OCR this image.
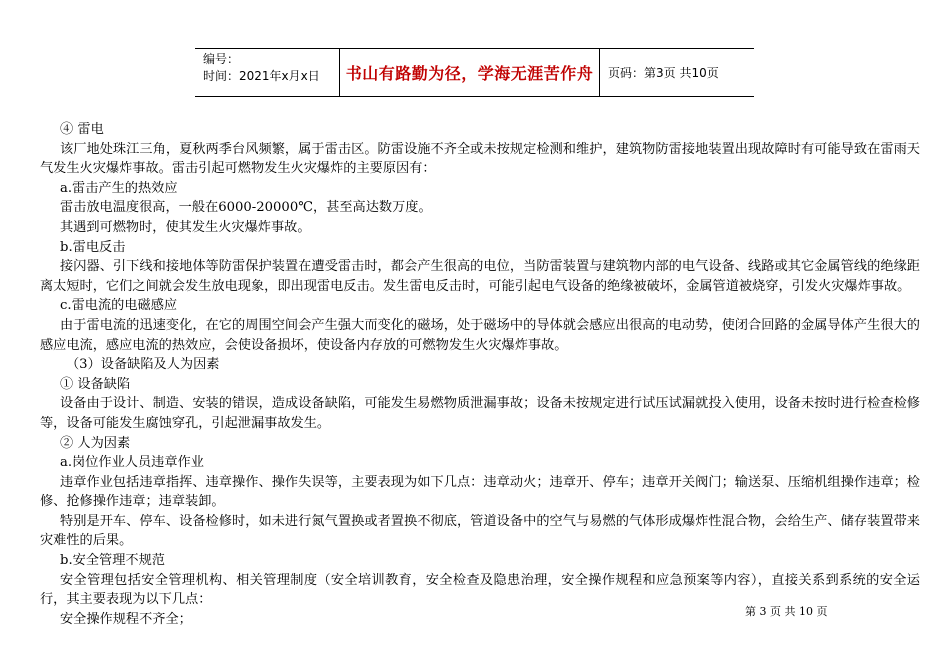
编号：
时间：2021年x月x日	书山有路勤为径，学海无涯苦作舟	页码：第3页 共10页

④ 雷电

该厂地处珠江三角，夏秋两季台风频繁，属于雷击区。防雷设施不齐全或未按规定检测和维护，建筑物防雷接地装置出现故障时有可能导致在雷雨天气发生火灾爆炸事故。雷击引起可燃物发生火灾爆炸的主要原因有：

a.雷击产生的热效应

雷击放电温度很高，一般在6000-20000℃，甚至高达数万度。

其遇到可燃物时，使其发生火灾爆炸事故。

b.雷电反击

接闪器、引下线和接地体等防雷保护装置在遭受雷击时，都会产生很高的电位，当防雷装置与建筑物内部的电气设备、线路或其它金属管线的绝缘距离太短时，它们之间就会发生放电现象，即出现雷电反击。发生雷电反击时，可能引起电气设备的绝缘被破坏，金属管道被烧穿，引发火灾爆炸事故。

c.雷电流的电磁感应

由于雷电流的迅速变化，在它的周围空间会产生强大而变化的磁场，处于磁场中的导体就会感应出很高的电动势，使闭合回路的金属导体产生很大的感应电流，感应电流的热效应，会使设备损坏，使设备内存放的可燃物发生火灾爆炸事故。

（3）设备缺陷及人为因素

① 设备缺陷

设备由于设计、制造、安装的错误，造成设备缺陷，可能发生易燃物质泄漏事故；设备未按规定进行试压试漏就投入使用，设备未按时进行检查检修等，设备可能发生腐蚀穿孔，引起泄漏事故发生。

② 人为因素

a.岗位作业人员违章作业

违章作业包括违章指挥、违章操作、操作失误等，主要表现为如下几点：违章动火；违章开、停车；违章开关阀门；输送泵、压缩机组操作违章；检修、抢修操作违章；违章装卸。

特别是开车、停车、设备检修时，如未进行氮气置换或者置换不彻底，管道设备中的空气与易燃的气体形成爆炸性混合物，会给生产、储存装置带来灾难性的后果。

b.安全管理不规范

安全管理包括安全管理机构、相关管理制度（安全培训教育，安全检查及隐患治理，安全操作规程和应急预案等内容），直接关系到系统的安全运行，其主要表现为以下几点：

安全操作规程不齐全；

第 3 页 共 10 页
